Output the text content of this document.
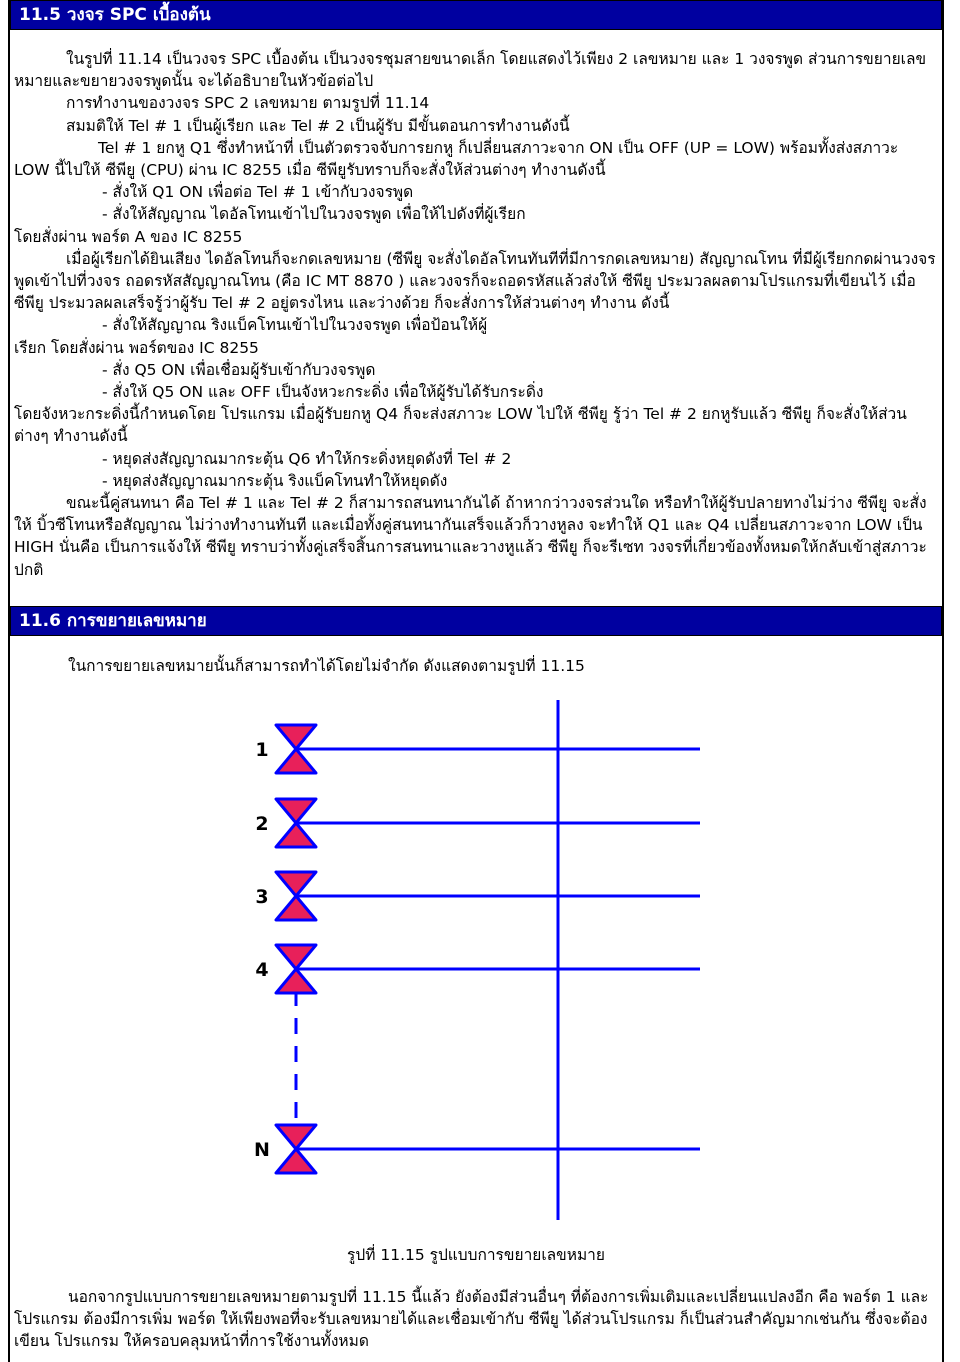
11.5 วงจร SPC เบื้องต้น

ในรูปที่ 11.14 เป็นวงจร SPC เบื้องต้น เป็นวงจรชุมสายขนาดเล็ก โดยแสดงไว้เพียง 2 เลขหมาย และ 1 วงจรพูด ส่วนการขยายเลขหมายและขยายวงจรพูดนั้น จะได้อธิบายในหัวข้อต่อไป

การทำงานของวงจร SPC 2 เลขหมาย ตามรูปที่ 11.14

สมมติให้ Tel # 1 เป็นผู้เรียก และ Tel # 2 เป็นผู้รับ มีขั้นตอนการทำงานดังนี้

Tel # 1 ยกหู Q1 ซึ่งทำหน้าที่ เป็นตัวตรวจจับการยกหู ก็เปลี่ยนสภาวะจาก ON เป็น OFF (UP = LOW) พร้อมทั้งส่งสภาวะ LOW นี้ไปให้ ซีพียู (CPU) ผ่าน IC 8255 เมื่อ ซีพียูรับทราบก็จะสั่งให้ส่วนต่างๆ ทำงานดังนี้

- สั่งให้ Q1 ON เพื่อต่อ Tel # 1 เข้ากับวงจรพูด

- สั่งให้สัญญาณ ไดอัลโทนเข้าไปในวงจรพูด เพื่อให้ไปดังที่ผู้เรียก

โดยสั่งผ่าน พอร์ต A ของ IC 8255

เมื่อผู้เรียกได้ยินเสียง ไดอัลโทนก็จะกดเลขหมาย (ซีพียู จะสั่งไดอัลโทนทันทีที่มีการกดเลขหมาย) สัญญาณโทน ที่มีผู้เรียกกดผ่านวงจรพูดเข้าไปที่วงจร ถอดรหัสสัญญาณโทน (คือ IC MT 8870 ) และวงจรก็จะถอดรหัสแล้วส่งให้ ซีพียู ประมวลผลตามโปรแกรมที่เขียนไว้ เมื่อ ซีพียู ประมวลผลเสร็จรู้ว่าผู้รับ Tel # 2 อยู่ตรงไหน และว่างด้วย ก็จะสั่งการให้ส่วนต่างๆ ทำงาน ดังนี้

- สั่งให้สัญญาณ ริงแบ็คโทนเข้าไปในวงจรพูด เพื่อป้อนให้ผู้

เรียก โดยสั่งผ่าน พอร์ตของ IC 8255

- สั่ง Q5 ON เพื่อเชื่อมผู้รับเข้ากับวงจรพูด

- สั่งให้ Q5 ON และ OFF เป็นจังหวะกระดิ่ง เพื่อให้ผู้รับได้รับกระดิ่ง

โดยจังหวะกระดิ่งนี้กำหนดโดย โปรแกรม เมื่อผู้รับยกหู Q4 ก็จะส่งสภาวะ LOW ไปให้ ซีพียู รู้ว่า Tel # 2 ยกหูรับแล้ว ซีพียู ก็จะสั่งให้ส่วนต่างๆ ทำงานดังนี้

- หยุดส่งสัญญาณมากระตุ้น Q6 ทำให้กระดิ่งหยุดดังที่ Tel # 2

- หยุดส่งสัญญาณมากระตุ้น ริงแบ็คโทนทำให้หยุดดัง

ขณะนี้คู่สนทนา คือ Tel # 1 และ Tel # 2 ก็สามารถสนทนากันได้ ถ้าหากว่าวงจรส่วนใด หรือทำให้ผู้รับปลายทางไม่ว่าง ซีพียู จะสั่งให้ บิ้วซีโทนหรือสัญญาณ ไม่ว่างทำงานทันที และเมื่อทั้งคู่สนทนากันเสร็จแล้วก็วางหูลง จะทำให้ Q1 และ Q4 เปลี่ยนสภาวะจาก LOW เป็น HIGH นั่นคือ เป็นการแจ้งให้ ซีพียู ทราบว่าทั้งคู่เสร็จสิ้นการสนทนาและวางหูแล้ว ซีพียู ก็จะรีเซท วงจรที่เกี่ยวข้องทั้งหมดให้กลับเข้าสู่สภาวะปกติ

11.6 การขยายเลขหมาย
ในการขยายเลขหมายนั้นก็สามารถทำได้โดยไม่จำกัด ดังแสดงตามรูปที่ 11.15
1
2
3
4
N
รูปที่ 11.15 รูปแบบการขยายเลขหมาย
นอกจากรูปแบบการขยายเลขหมายตามรูปที่ 11.15 นี้แล้ว ยังต้องมีส่วนอื่นๆ ที่ต้องการเพิ่มเติมและเปลี่ยนแปลงอีก คือ พอร์ต 1 และ โปรแกรม ต้องมีการเพิ่ม พอร์ต ให้เพียงพอที่จะรับเลขหมายได้และเชื่อมเข้ากับ ซีพียู ได้ส่วนโปรแกรม ก็เป็นส่วนสำคัญมากเช่นกัน ซึ่งจะต้องเขียน โปรแกรม ให้ครอบคลุมหน้าที่การใช้งานทั้งหมด
